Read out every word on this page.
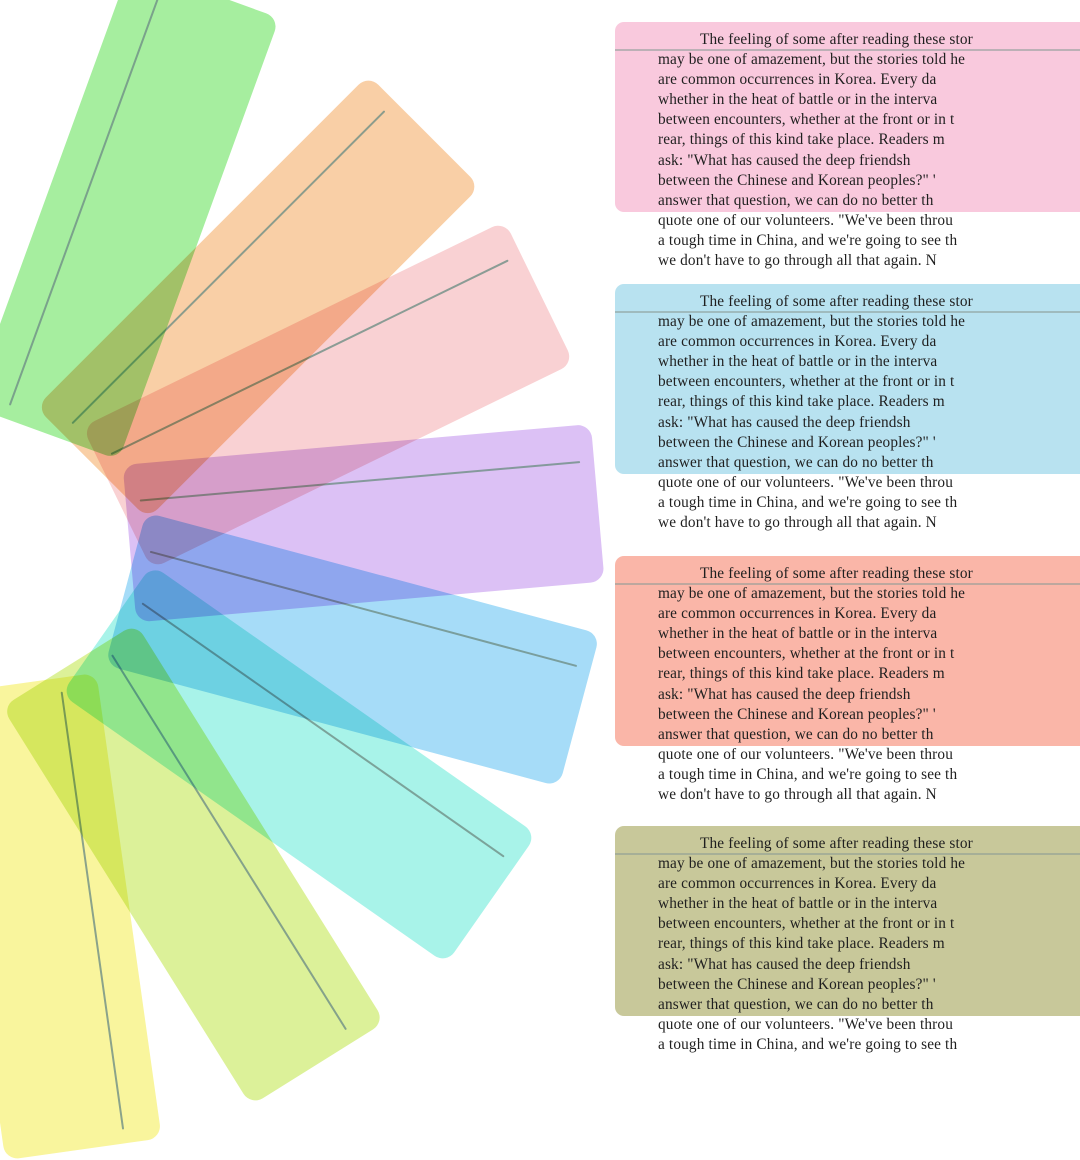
The feeling of some after reading these stor
may be one of amazement, but the stories told he
are common occurrences in Korea. Every da
whether in the heat of battle or in the interva
between encounters, whether at the front or in t
rear, things of this kind take place. Readers m
ask: "What has caused the deep friendsh
between the Chinese and Korean peoples?" '
answer that question, we can do no better th
quote one of our volunteers. "We've been throu
a tough time in China, and we're going to see th
we don't have to go through all that again. N
The feeling of some after reading these stor
may be one of amazement, but the stories told he
are common occurrences in Korea. Every da
whether in the heat of battle or in the interva
between encounters, whether at the front or in t
rear, things of this kind take place. Readers m
ask: "What has caused the deep friendsh
between the Chinese and Korean peoples?" '
answer that question, we can do no better th
quote one of our volunteers. "We've been throu
a tough time in China, and we're going to see th
we don't have to go through all that again. N
The feeling of some after reading these stor
may be one of amazement, but the stories told he
are common occurrences in Korea. Every da
whether in the heat of battle or in the interva
between encounters, whether at the front or in t
rear, things of this kind take place. Readers m
ask: "What has caused the deep friendsh
between the Chinese and Korean peoples?" '
answer that question, we can do no better th
quote one of our volunteers. "We've been throu
a tough time in China, and we're going to see th
we don't have to go through all that again. N
The feeling of some after reading these stor
may be one of amazement, but the stories told he
are common occurrences in Korea. Every da
whether in the heat of battle or in the interva
between encounters, whether at the front or in t
rear, things of this kind take place. Readers m
ask: "What has caused the deep friendsh
between the Chinese and Korean peoples?" '
answer that question, we can do no better th
quote one of our volunteers. "We've been throu
a tough time in China, and we're going to see th
